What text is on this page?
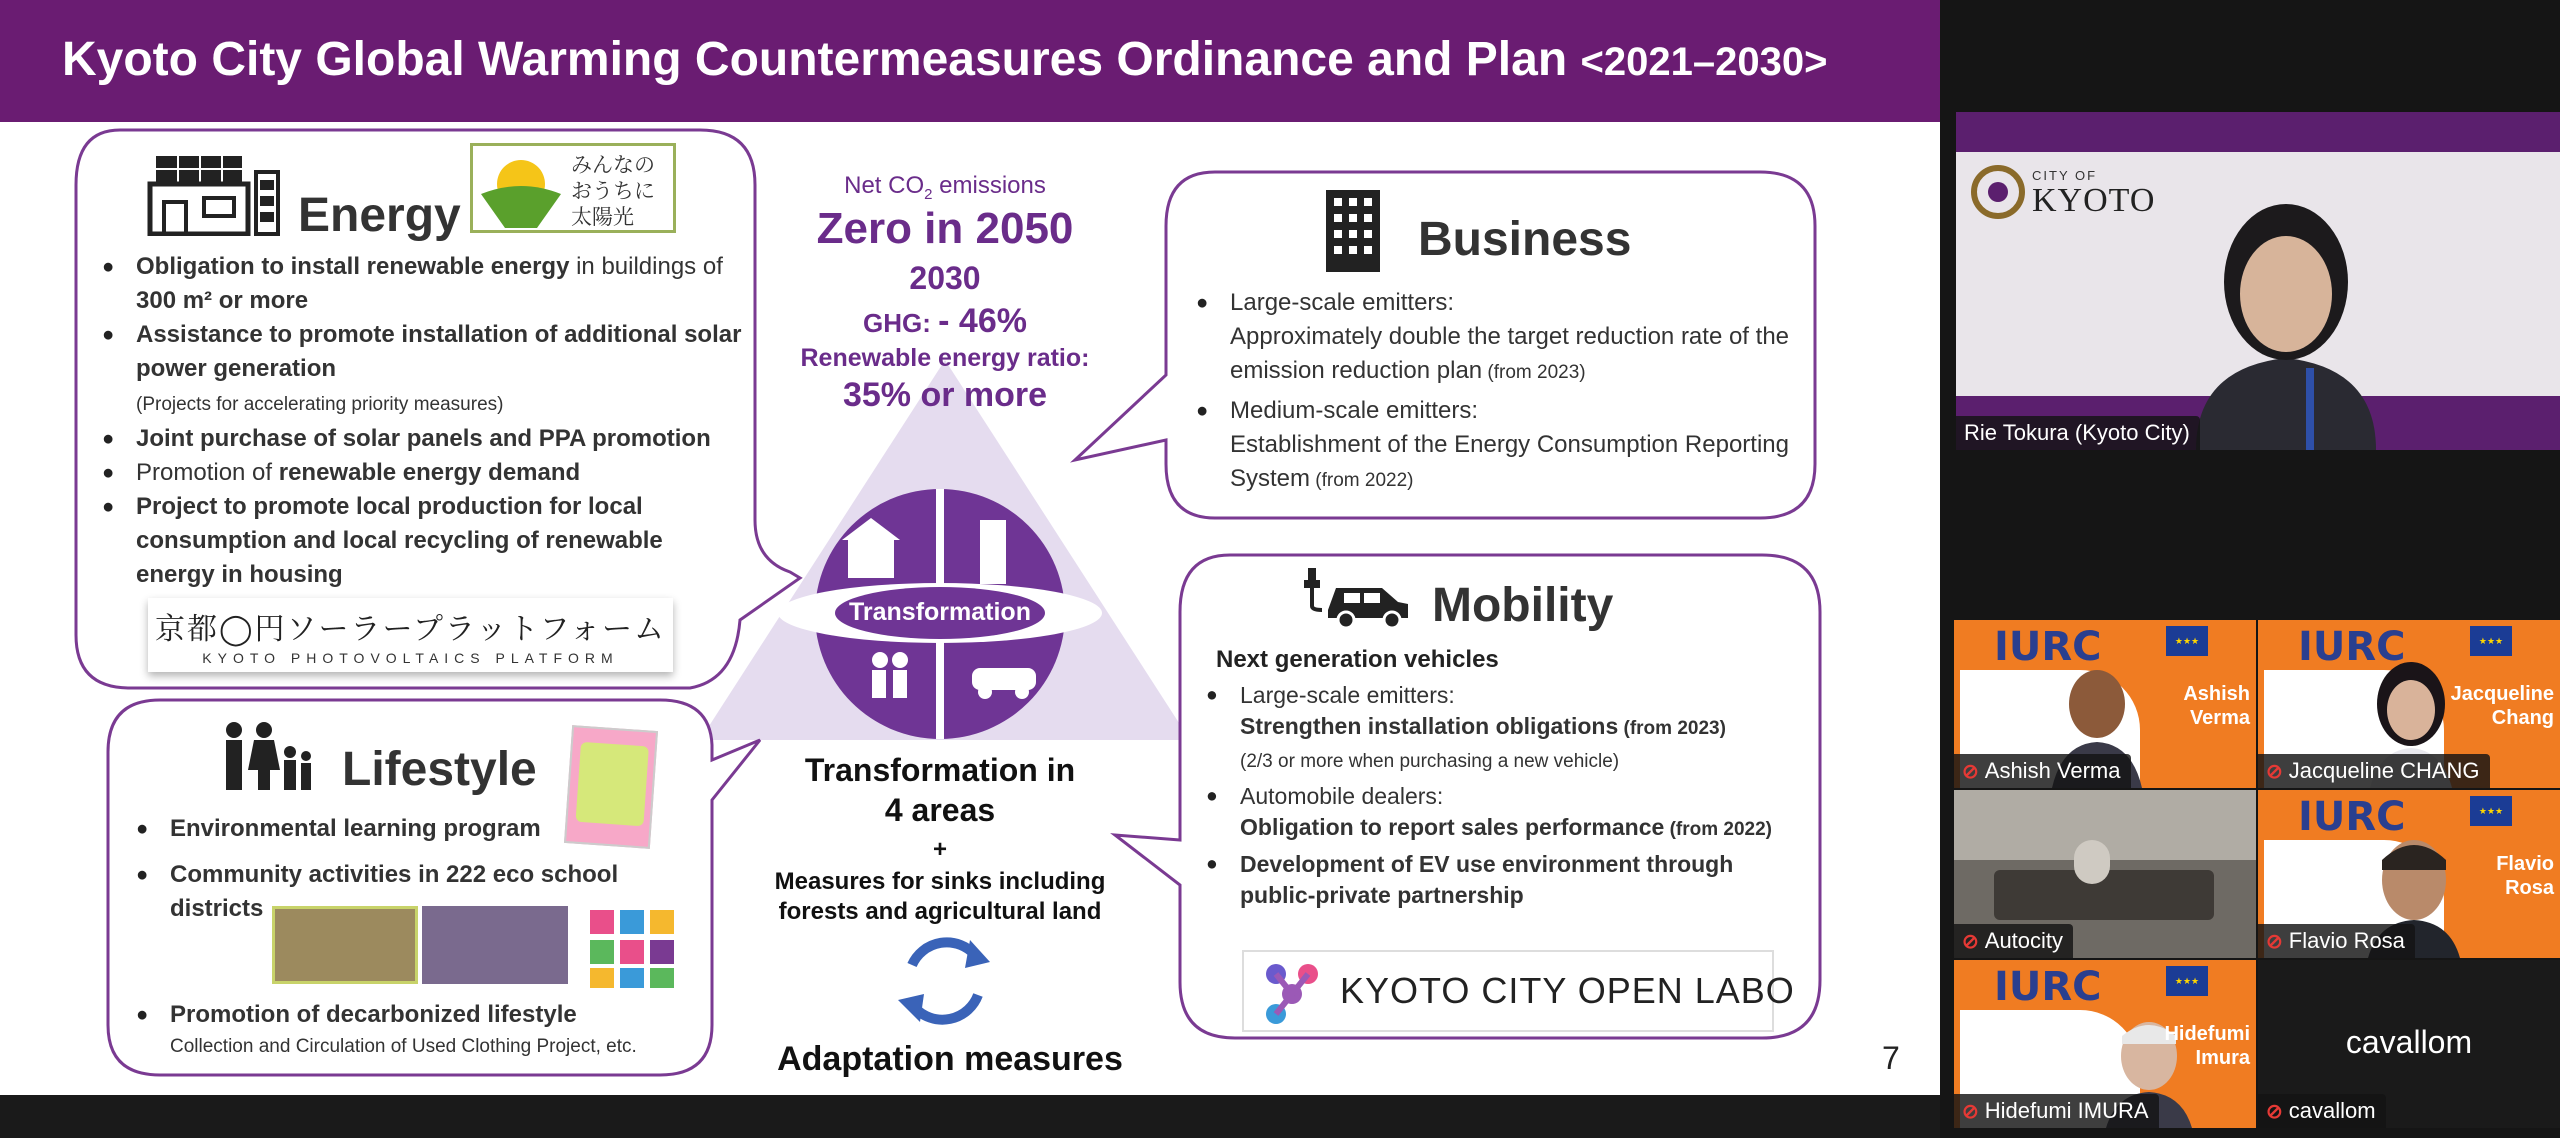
Kyoto City Global Warming Countermeasures Ordinance and Plan <2021–2030>
Energy
みんなの
おうちに
太陽光
● Obligation to install renewable energy in buildings of 300 m² or more
● Assistance to promote installation of additional solar power generation
(Projects for accelerating priority measures)
● Joint purchase of solar panels and PPA promotion
● Promotion of renewable energy demand
● Project to promote local production for local consumption and local recycling of renewable energy in housing
京都◯円ソーラープラットフォーム
KYOTO PHOTOVOLTAICS PLATFORM
Lifestyle
● Environmental learning program
● Community activities in 222 eco school districts
● Promotion of decarbonized lifestyle
Collection and Circulation of Used Clothing Project, etc.
Net $CO_2$ emissions
Zero in 2050
2030
GHG: - 46%
Renewable energy ratio:
35% or more
Transformation
Transformation in
4 areas
+
Measures for sinks including
forests and agricultural land
Adaptation measures
Business
● Large-scale emitters:
Approximately double the target reduction rate of the emission reduction plan (from 2023)
● Medium-scale emitters:
Establishment of the Energy Consumption Reporting System (from 2022)
Mobility
Next generation vehicles
● Large-scale emitters:
Strengthen installation obligations (from 2023)
(2/3 or more when purchasing a new vehicle)
● Automobile dealers:
Obligation to report sales performance (from 2022)
● Development of EV use environment through public-private partnership
KYOTO CITY OPEN LABO
7
CITY OF
KYOTO
Rie Tokura (Kyoto City)
IURC	★★★
Ashish
Verma
⊘ Ashish Verma
IURC	★★★
Jacqueline
Chang
⊘ Jacqueline CHANG
⊘ Autocity
IURC	★★★
Flavio
Rosa
⊘ Flavio Rosa
IURC	★★★
Hidefumi
Imura
⊘ Hidefumi IMURA
cavallom
⊘ cavallom
